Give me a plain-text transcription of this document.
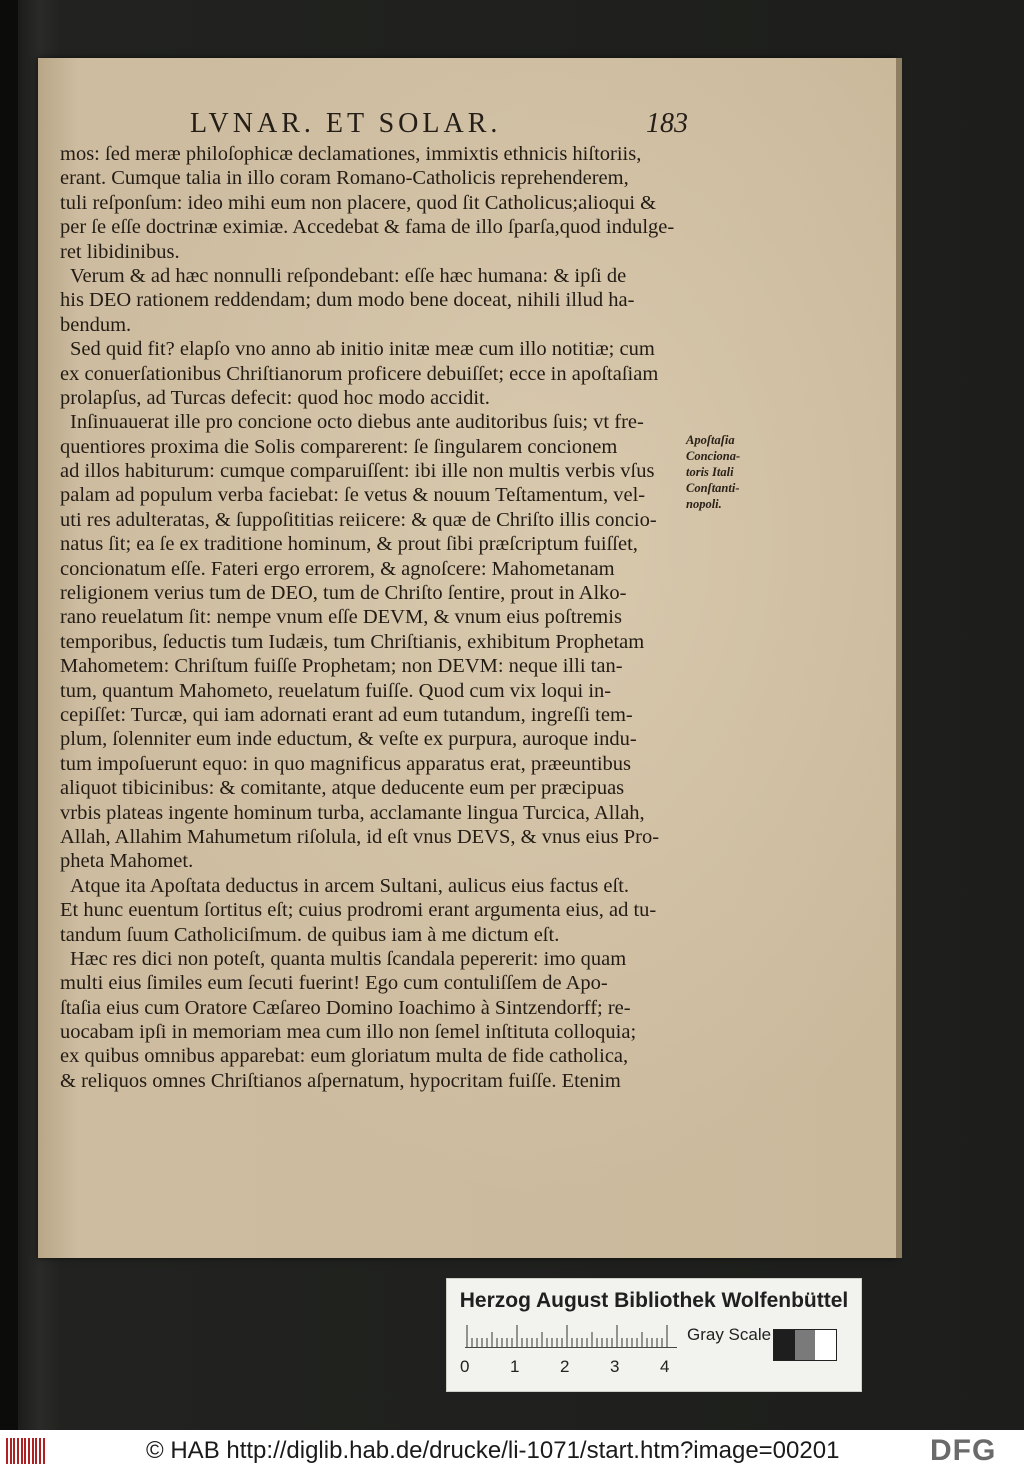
LVNAR. ET SOLAR.	183
mos: ſed meræ philoſophicæ declamationes, immixtis ethnicis hiſtoriis,
erant. Cumque talia in illo coram Romano-Catholicis reprehenderem,
tuli reſponſum: ideo mihi eum non placere, quod ſit Catholicus;alioqui &
per ſe eſſe doctrinæ eximiæ. Accedebat & fama de illo ſparſa,quod indulge-
ret libidinibus.
Verum & ad hæc nonnulli reſpondebant: eſſe hæc humana: & ipſi de
his DEO rationem reddendam; dum modo bene doceat, nihili illud ha-
bendum.
Sed quid fit? elapſo vno anno ab initio initæ meæ cum illo notitiæ; cum
ex conuerſationibus Chriſtianorum proficere debuiſſet; ecce in apoſtaſiam
prolapſus, ad Turcas defecit: quod hoc modo accidit.
Inſinuauerat ille pro concione octo diebus ante auditoribus ſuis; vt fre-
quentiores proxima die Solis comparerent: ſe ſingularem concionem
ad illos habiturum: cumque comparuiſſent: ibi ille non multis verbis vſus
palam ad populum verba faciebat: ſe vetus & nouum Teſtamentum, vel-
uti res adulteratas, & ſuppoſititias reiicere: & quæ de Chriſto illis concio-
natus ſit; ea ſe ex traditione hominum, & prout ſibi præſcriptum fuiſſet,
concionatum eſſe. Fateri ergo errorem, & agnoſcere: Mahometanam
religionem verius tum de DEO, tum de Chriſto ſentire, prout in Alko-
rano reuelatum ſit: nempe vnum eſſe DEVM, & vnum eius poſtremis
temporibus, ſeductis tum Iudæis, tum Chriſtianis, exhibitum Prophetam
Mahometem: Chriſtum fuiſſe Prophetam; non DEVM: neque illi tan-
tum, quantum Mahometo, reuelatum fuiſſe. Quod cum vix loqui in-
cepiſſet: Turcæ, qui iam adornati erant ad eum tutandum, ingreſſi tem-
plum, ſolenniter eum inde eductum, & veſte ex purpura, auroque indu-
tum impoſuerunt equo: in quo magnificus apparatus erat, præeuntibus
aliquot tibicinibus: & comitante, atque deducente eum per præcipuas
vrbis plateas ingente hominum turba, acclamante lingua Turcica, Allah,
Allah, Allahim Mahumetum riſolula, id eſt vnus DEVS, & vnus eius Pro-
pheta Mahomet.
Atque ita Apoſtata deductus in arcem Sultani, aulicus eius factus eſt.
Et hunc euentum ſortitus eſt; cuius prodromi erant argumenta eius, ad tu-
tandum ſuum Catholiciſmum. de quibus iam à me dictum eſt.
Hæc res dici non poteſt, quanta multis ſcandala pepererit: imo quam
multi eius ſimiles eum ſecuti fuerint! Ego cum contuliſſem de Apo-
ſtaſia eius cum Oratore Cæſareo Domino Ioachimo à Sintzendorff; re-
uocabam ipſi in memoriam mea cum illo non ſemel inſtituta colloquia;
ex quibus omnibus apparebat: eum gloriatum multa de fide catholica,
& reliquos omnes Chriſtianos aſpernatum, hypocritam fuiſſe. Etenim
Apoſtaſia
Conciona-
toris Itali
Conſtanti-
nopoli.
Herzog August Bibliothek Wolfenbüttel
0 1 2 3 4
Gray Scale
© HAB http://diglib.hab.de/drucke/li-1071/start.htm?image=00201	DFG
